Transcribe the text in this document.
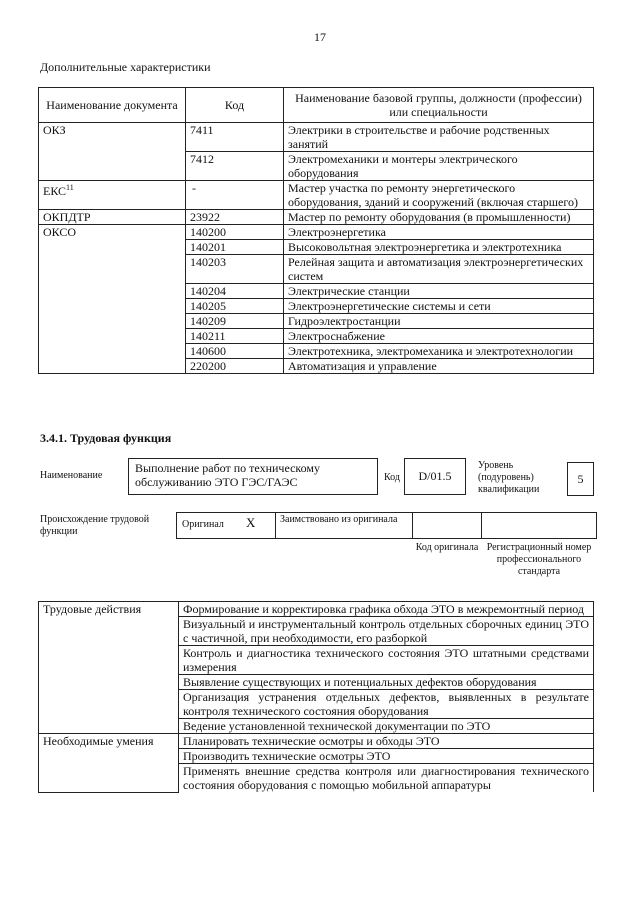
17
Дополнительные характеристики
Наименование документа	Код	Наименование базовой группы, должности (профессии) или специальности
ОКЗ	7411	Электрики в строительстве и рабочие родственных занятий
	7412	Электромеханики и монтеры электрического оборудования
ЕКС$^{11}$	-	Мастер участка по ремонту энергетического оборудования, зданий и сооружений (включая старшего)
ОКПДТР	23922	Мастер по ремонту оборудования (в промышленности)
ОКСО	140200	Электроэнергетика
	140201	Высоковольтная электроэнергетика и электротехника
	140203	Релейная защита и автоматизация электроэнергетических систем
	140204	Электрические станции
	140205	Электроэнергетические системы и сети
	140209	Гидроэлектростанции
	140211	Электроснабжение
	140600	Электротехника, электромеханика и электротехнологии
	220200	Автоматизация и управление
3.4.1. Трудовая функция
Наименование
Выполнение работ по техническому обслуживанию ЭТО ГЭС/ГАЭС	Код D/01.5
Уровень (подуровень) квалификации
5
Происхождение трудовой функции
Оригинал X Заимствовано из оригинала
Код оригинала Регистрационный номер профессионального стандарта
Трудовые действия	Формирование и корректировка графика обхода ЭТО в межремонтный период
	Визуальный и инструментальный контроль отдельных сборочных единиц ЭТО с частичной, при необходимости, его разборкой
	Контроль и диагностика технического состояния ЭТО штатными средствами измерения
	Выявление существующих и потенциальных дефектов оборудования
	Организация устранения отдельных дефектов, выявленных в результате контроля технического состояния оборудования
	Ведение установленной технической документации по ЭТО
Необходимые умения	Планировать технические осмотры и обходы ЭТО
	Производить технические осмотры ЭТО
	Применять внешние средства контроля или диагностирования технического состояния оборудования с помощью мобильной аппаратуры
